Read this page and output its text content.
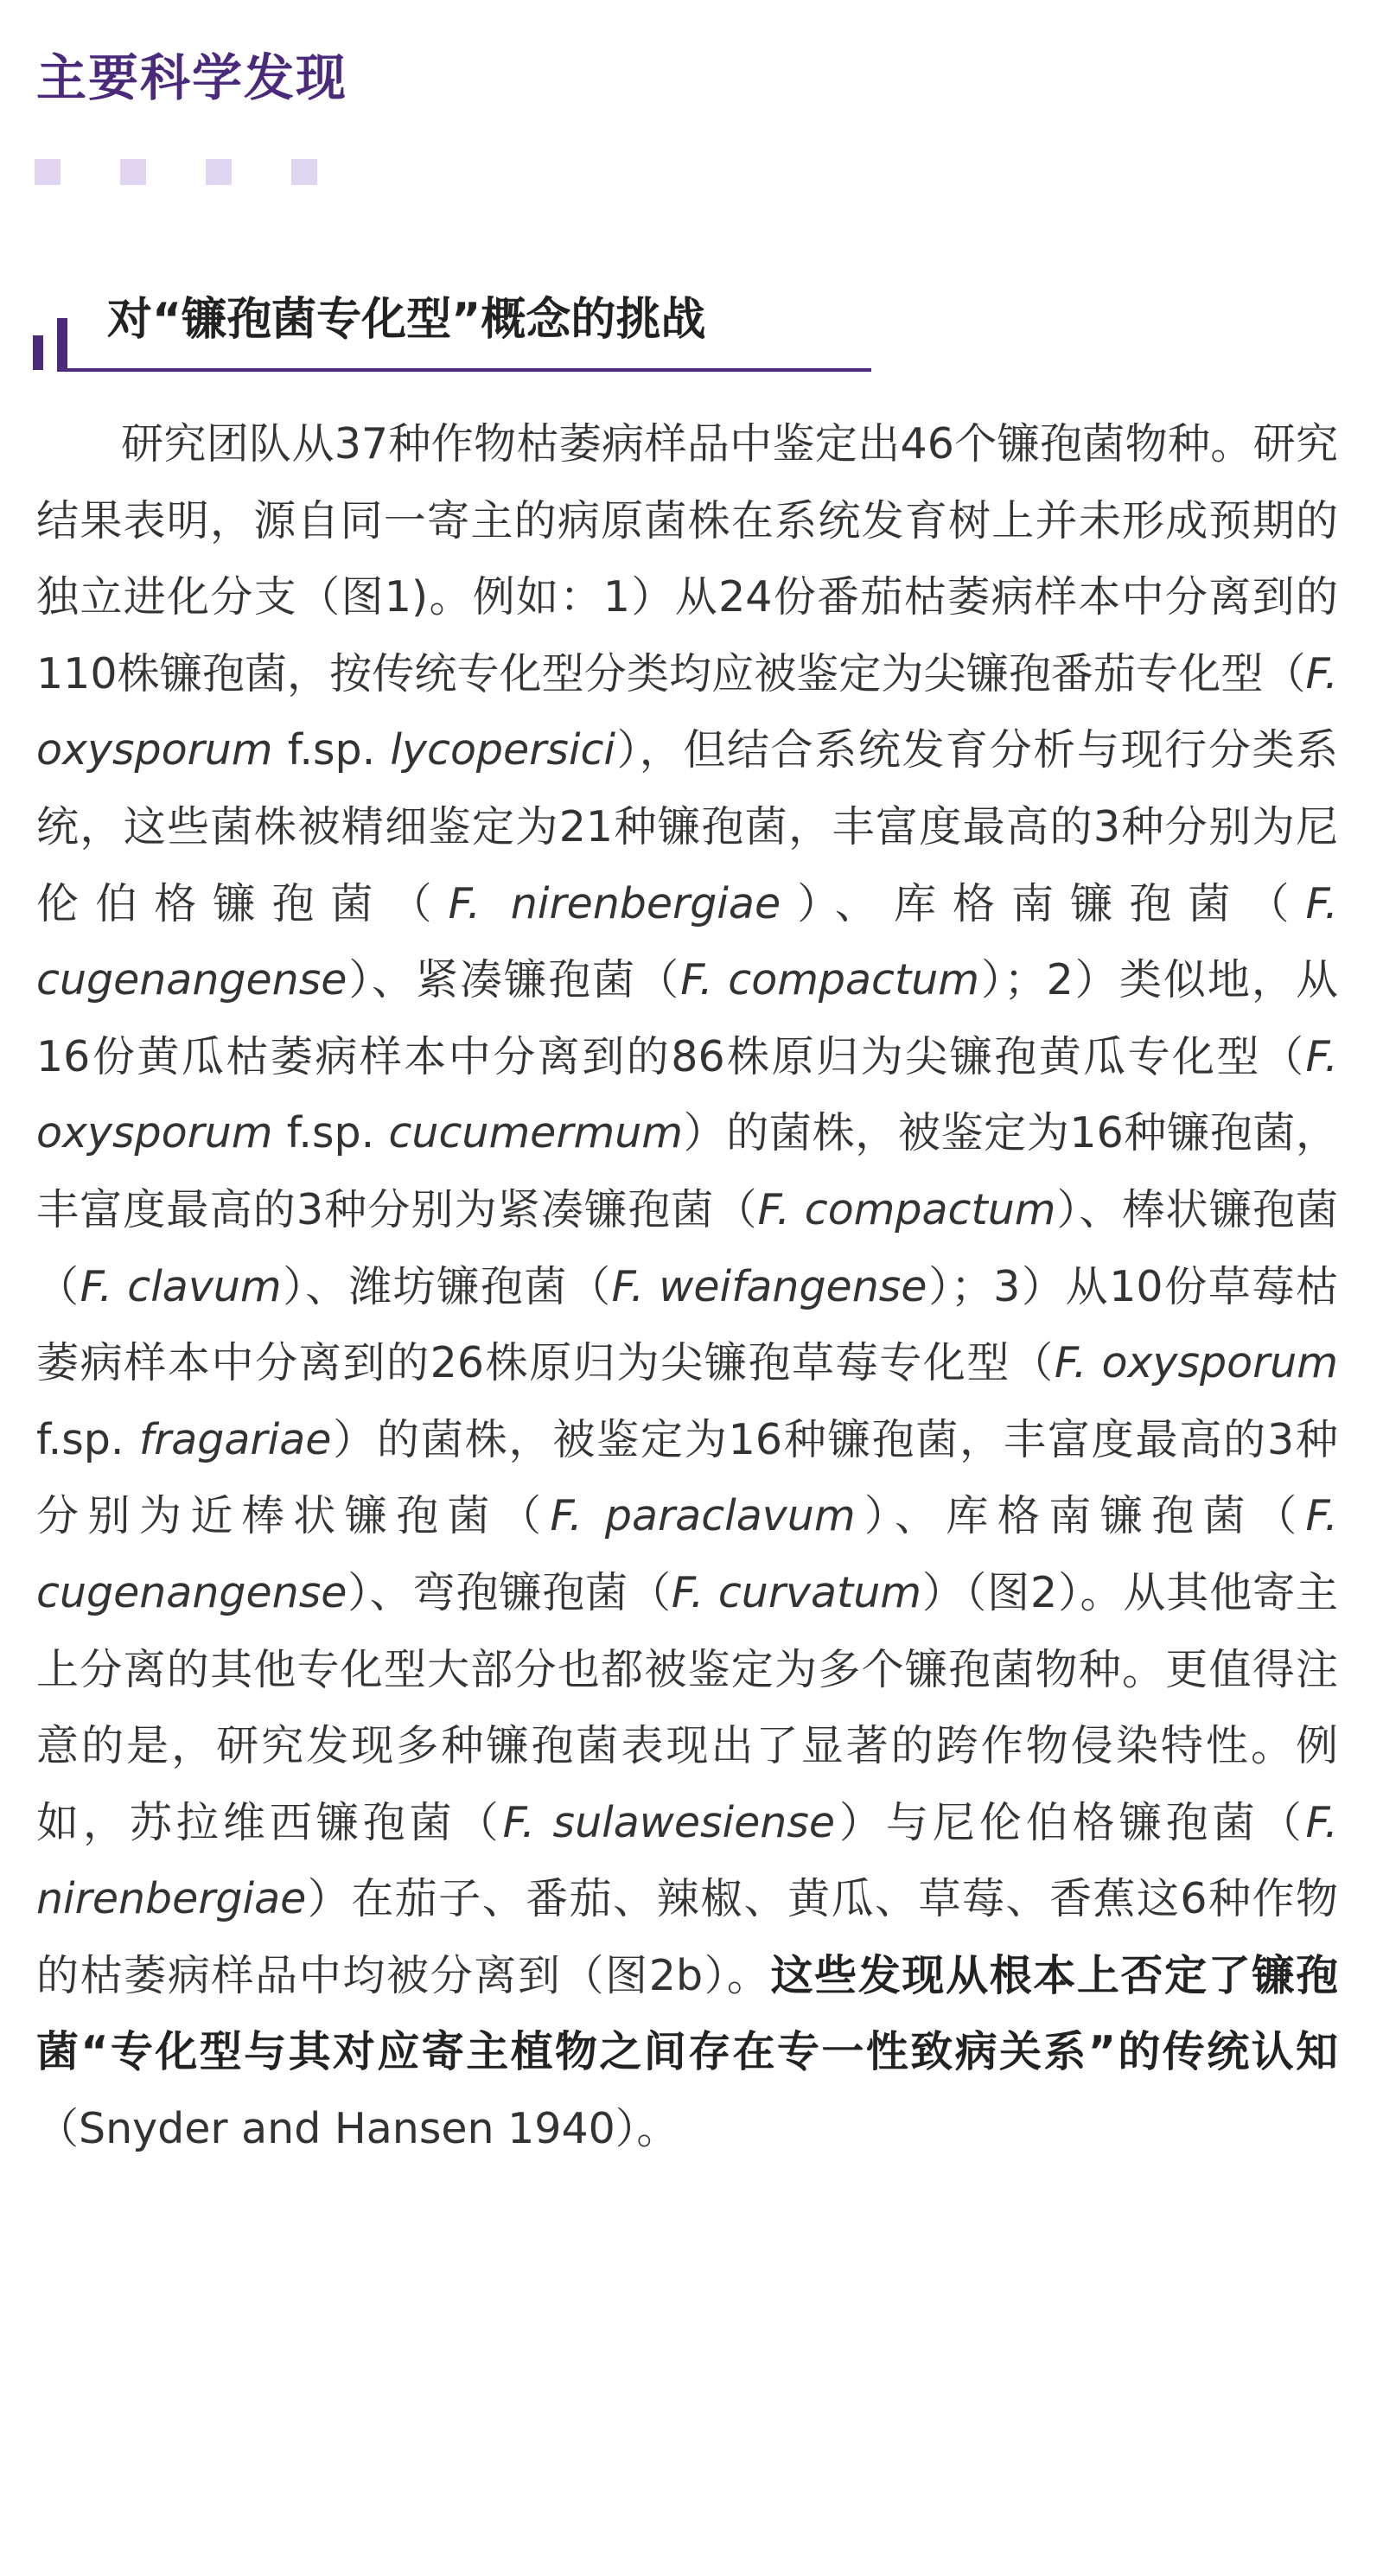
主要科学发现
对“镰孢菌专化型”概念的挑战

研究团队从37种作物枯萎病样品中鉴定出46个镰孢菌物种。研究结果表明，源自同一寄主的病原菌株在系统发育树上并未形成预期的独立进化分支（图1)。例如：1）从24份番茄枯萎病样本中分离到的110株镰孢菌，按传统专化型分类均应被鉴定为尖镰孢番茄专化型（F. oxysporum f.sp. lycopersici），但结合系统发育分析与现行分类系统，这些菌株被精细鉴定为21种镰孢菌，丰富度最高的3种分别为尼伦伯格镰孢菌（F. nirenbergiae）、库格南镰孢菌（F. cugenangense）、紧凑镰孢菌（F. compactum）；2）类似地，从16份黄瓜枯萎病样本中分离到的86株原归为尖镰孢黄瓜专化型（F. oxysporum f.sp. cucumermum）的菌株，被鉴定为16种镰孢菌，丰富度最高的3种分别为紧凑镰孢菌（F. compactum）、棒状镰孢菌（F. clavum）、潍坊镰孢菌（F. weifangense）；3）从10份草莓枯萎病样本中分离到的26株原归为尖镰孢草莓专化型（F. oxysporum f.sp. fragariae）的菌株，被鉴定为16种镰孢菌，丰富度最高的3种分别为近棒状镰孢菌（F. paraclavum）、库格南镰孢菌（F. cugenangense）、弯孢镰孢菌（F. curvatum）（图2）。从其他寄主上分离的其他专化型大部分也都被鉴定为多个镰孢菌物种。更值得注意的是，研究发现多种镰孢菌表现出了显著的跨作物侵染特性。例如，苏拉维西镰孢菌（F. sulawesiense）与尼伦伯格镰孢菌（F. nirenbergiae）在茄子、番茄、辣椒、黄瓜、草莓、香蕉这6种作物的枯萎病样品中均被分离到（图2b）。这些发现从根本上否定了镰孢菌“专化型与其对应寄主植物之间存在专一性致病关系”的传统认知（Snyder and Hansen 1940）。
